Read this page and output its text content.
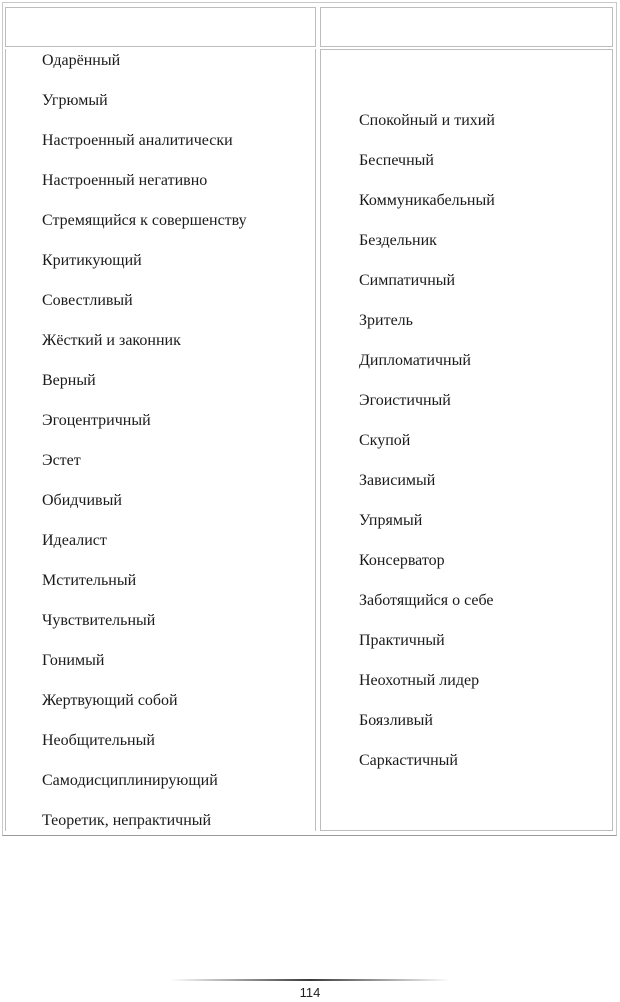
Одарённый
Угрюмый
Настроенный аналитически
Настроенный негативно
Стремящийся к совершенству
Критикующий
Совестливый
Жёсткий и законник
Верный
Эгоцентричный
Эстет
Обидчивый
Идеалист
Мстительный
Чувствительный
Гонимый
Жертвующий собой
Необщительный
Самодисциплинирующий
Теоретик, непрактичный
Спокойный и тихий
Беспечный
Коммуникабельный
Бездельник
Симпатичный
Зритель
Дипломатичный
Эгоистичный
Скупой
Зависимый
Упрямый
Консерватор
Заботящийся о себе
Практичный
Неохотный лидер
Боязливый
Саркастичный
114
